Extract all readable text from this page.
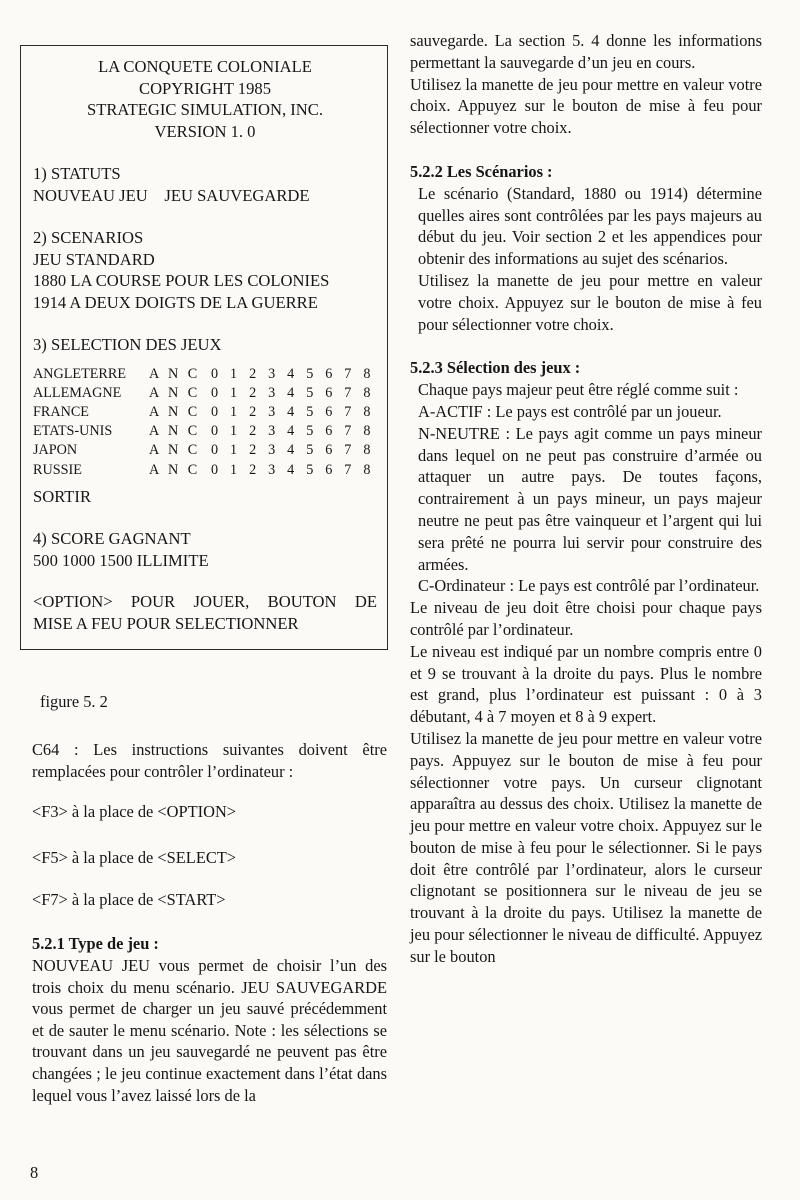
LA CONQUETE COLONIALE
COPYRIGHT 1985
STRATEGIC SIMULATION, INC.
VERSION 1. 0
1) STATUTS
NOUVEAU JEU    JEU SAUVEGARDE
2) SCENARIOS
JEU STANDARD
1880 LA COURSE POUR LES COLONIES
1914 A DEUX DOIGTS DE LA GUERRE
3) SELECTION DES JEUX
ANGLETERRE	A N C 0 1 2 3 4 5 6 7 8
ALLEMAGNE	A N C 0 1 2 3 4 5 6 7 8
FRANCE	A N C 0 1 2 3 4 5 6 7 8
ETATS-UNIS	A N C 0 1 2 3 4 5 6 7 8
JAPON	A N C 0 1 2 3 4 5 6 7 8
RUSSIE	A N C 0 1 2 3 4 5 6 7 8
SORTIR
4) SCORE GAGNANT
500 1000 1500 ILLIMITE
<OPTION> POUR JOUER, BOUTON DE
MISE A FEU POUR SELECTIONNER
figure 5. 2
C64 : Les instructions suivantes doivent être remplacées pour contrôler l’ordinateur :
<F3> à la place de <OPTION>
<F5> à la place de <SELECT>
<F7> à la place de <START>
5.2.1 Type de jeu :
NOUVEAU JEU vous permet de choisir l’un des trois choix du menu scénario. JEU SAUVEGARDE vous permet de charger un jeu sauvé précédemment et de sauter le menu scénario. Note : les sélections se trouvant dans un jeu sauvegardé ne peuvent pas être changées ; le jeu continue exactement dans l’état dans lequel vous l’avez laissé lors de la

sauvegarde. La section 5. 4 donne les informations permettant la sauvegarde d’un jeu en cours.

Utilisez la manette de jeu pour mettre en valeur votre choix. Appuyez sur le bouton de mise à feu pour sélectionner votre choix.

5.2.2 Les Scénarios :

Le scénario (Standard, 1880 ou 1914) détermine quelles aires sont contrôlées par les pays majeurs au début du jeu. Voir section 2 et les appendices pour obtenir des informations au sujet des scénarios.

Utilisez la manette de jeu pour mettre en valeur votre choix. Appuyez sur le bouton de mise à feu pour sélectionner votre choix.

5.2.3 Sélection des jeux :

Chaque pays majeur peut être réglé comme suit :

A-ACTIF : Le pays est contrôlé par un joueur.

N-NEUTRE : Le pays agit comme un pays mineur dans lequel on ne peut pas construire d’armée ou attaquer un autre pays. De toutes façons, contrairement à un pays mineur, un pays majeur neutre ne peut pas être vainqueur et l’argent qui lui sera prêté ne pourra lui servir pour construire des armées.

C-Ordinateur : Le pays est contrôlé par l’ordinateur.

Le niveau de jeu doit être choisi pour chaque pays contrôlé par l’ordinateur.

Le niveau est indiqué par un nombre compris entre 0 et 9 se trouvant à la droite du pays. Plus le nombre est grand, plus l’ordinateur est puissant : 0 à 3 débutant, 4 à 7 moyen et 8 à 9 expert.

Utilisez la manette de jeu pour mettre en valeur votre pays. Appuyez sur le bouton de mise à feu pour sélectionner votre pays. Un curseur clignotant apparaîtra au dessus des choix. Utilisez la manette de jeu pour mettre en valeur votre choix. Appuyez sur le bouton de mise à feu pour le sélectionner. Si le pays doit être contrôlé par l’ordinateur, alors le curseur clignotant se positionnera sur le niveau de jeu se trouvant à la droite du pays. Utilisez la manette de jeu pour sélectionner le niveau de difficulté. Appuyez sur le bouton

8
